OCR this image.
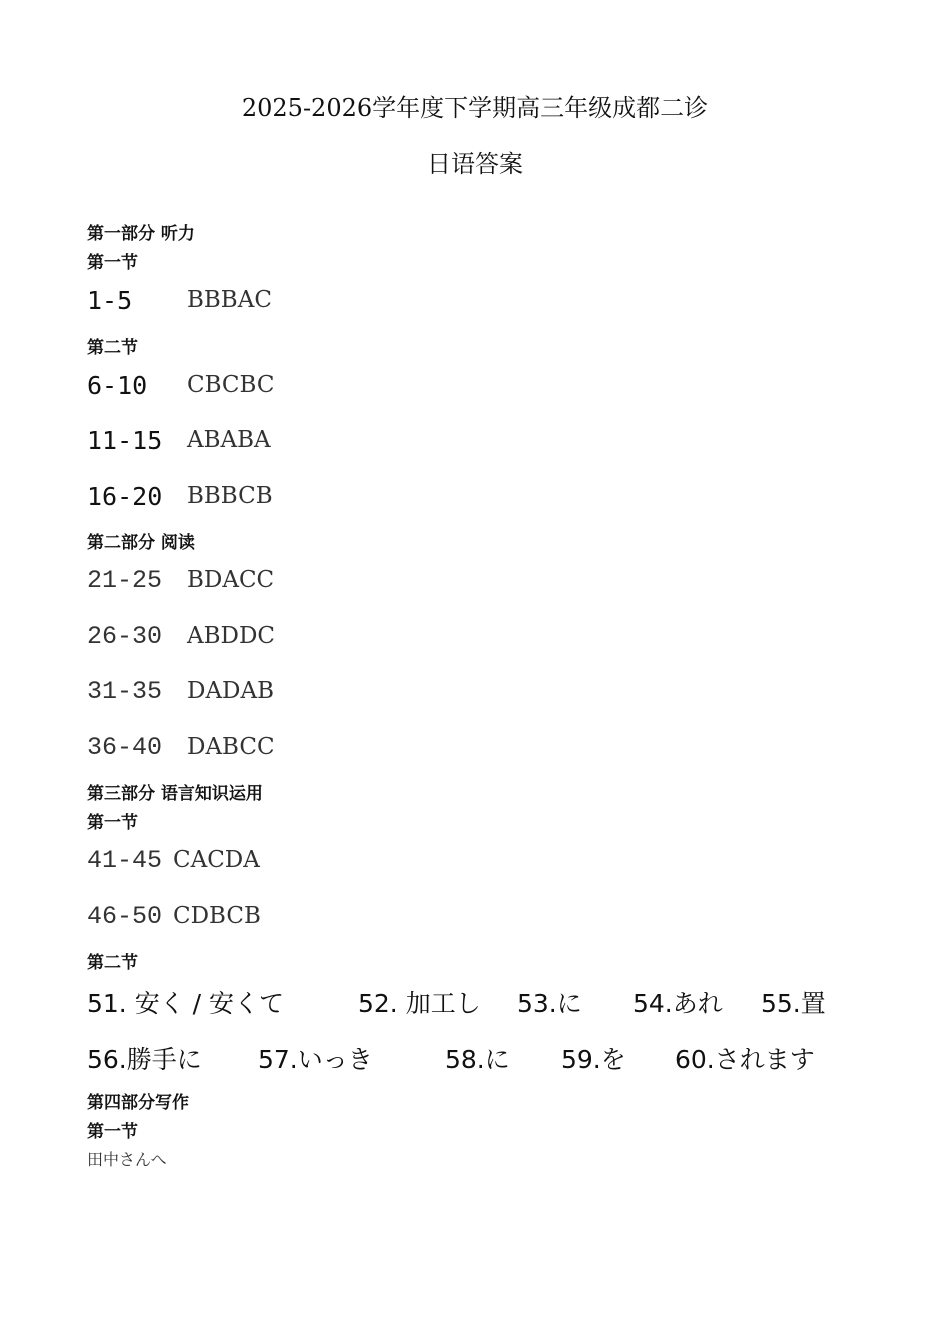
2025-2026学年度下学期高三年级成都二诊
日语答案
第一部分 听力
第一节
1-5 BBBAC
第二节
6-10 CBCBC
11-15 ABABA
16-20 BBBCB
第二部分 阅读
21-25 BDACC
26-30 ABDDC
31-35 DADAB
36-40 DABCC
第三部分 语言知识运用
第一节
41-45 CACDA
46-50 CDBCB
第二节
51. 安く / 安くて	52. 加工し 53.に 54.あれ 55.置
56.勝手に 57.いっき	58.に 59.を 60.されます
第四部分写作
第一节
田中さんへ
